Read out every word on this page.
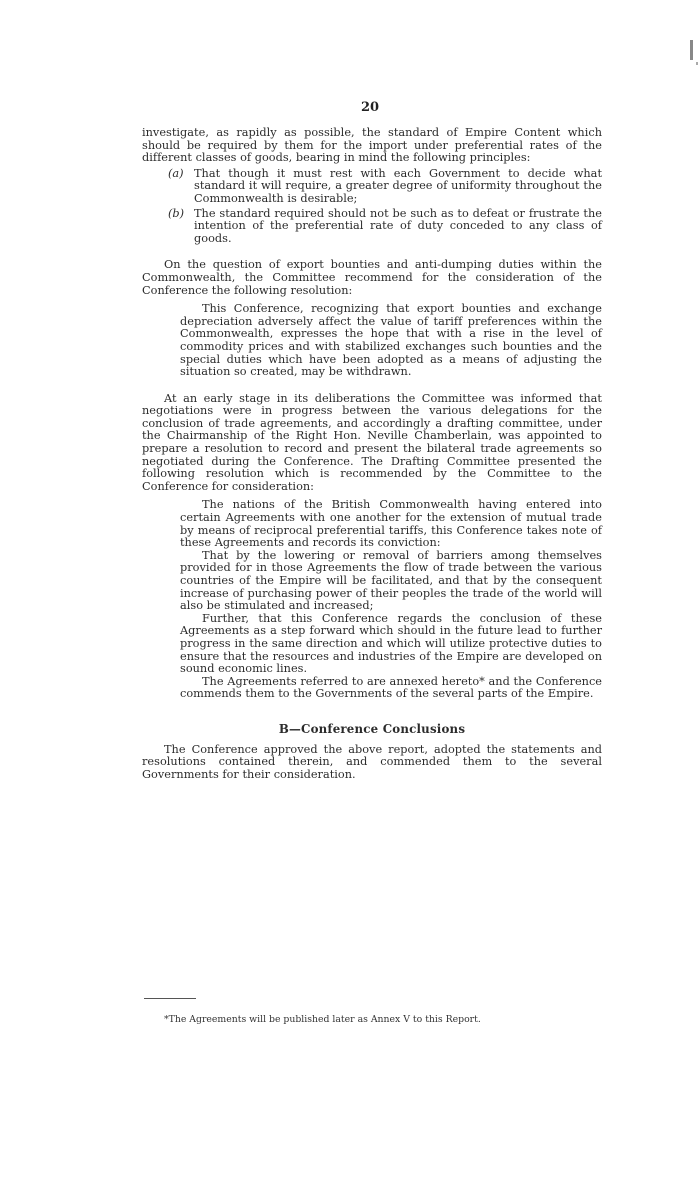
20

investigate, as rapidly as possible, the standard of Empire Content which should be required by them for the import under preferential rates of the different classes of goods, bearing in mind the following principles:

(a) That though it must rest with each Government to decide what standard it will require, a greater degree of uniformity throughout the Commonwealth is desirable;
(b) The standard required should not be such as to defeat or frustrate the intention of the preferential rate of duty conceded to any class of goods.

On the question of export bounties and anti-dumping duties within the Commonwealth, the Committee recommend for the consideration of the Conference the following resolution:

This Conference, recognizing that export bounties and exchange depreciation adversely affect the value of tariff preferences within the Commonwealth, expresses the hope that with a rise in the level of commodity prices and with stabilized exchanges such bounties and the special duties which have been adopted as a means of adjusting the situation so created, may be withdrawn.

At an early stage in its deliberations the Committee was informed that negotiations were in progress between the various delegations for the conclusion of trade agreements, and accordingly a drafting committee, under the Chairmanship of the Right Hon. Neville Chamberlain, was appointed to prepare a resolution to record and present the bilateral trade agreements so negotiated during the Conference. The Drafting Committee presented the following resolution which is recommended by the Committee to the Conference for consideration:

The nations of the British Commonwealth having entered into certain Agreements with one another for the extension of mutual trade by means of reciprocal preferential tariffs, this Conference takes note of these Agreements and records its conviction:

That by the lowering or removal of barriers among themselves provided for in those Agreements the flow of trade between the various countries of the Empire will be facilitated, and that by the consequent increase of purchasing power of their peoples the trade of the world will also be stimulated and increased;

Further, that this Conference regards the conclusion of these Agreements as a step forward which should in the future lead to further progress in the same direction and which will utilize protective duties to ensure that the resources and industries of the Empire are developed on sound economic lines.

The Agreements referred to are annexed hereto* and the Conference commends them to the Governments of the several parts of the Empire.

B—Conference Conclusions

The Conference approved the above report, adopted the statements and resolutions contained therein, and commended them to the several Governments for their consideration.

*The Agreements will be published later as Annex V to this Report.
